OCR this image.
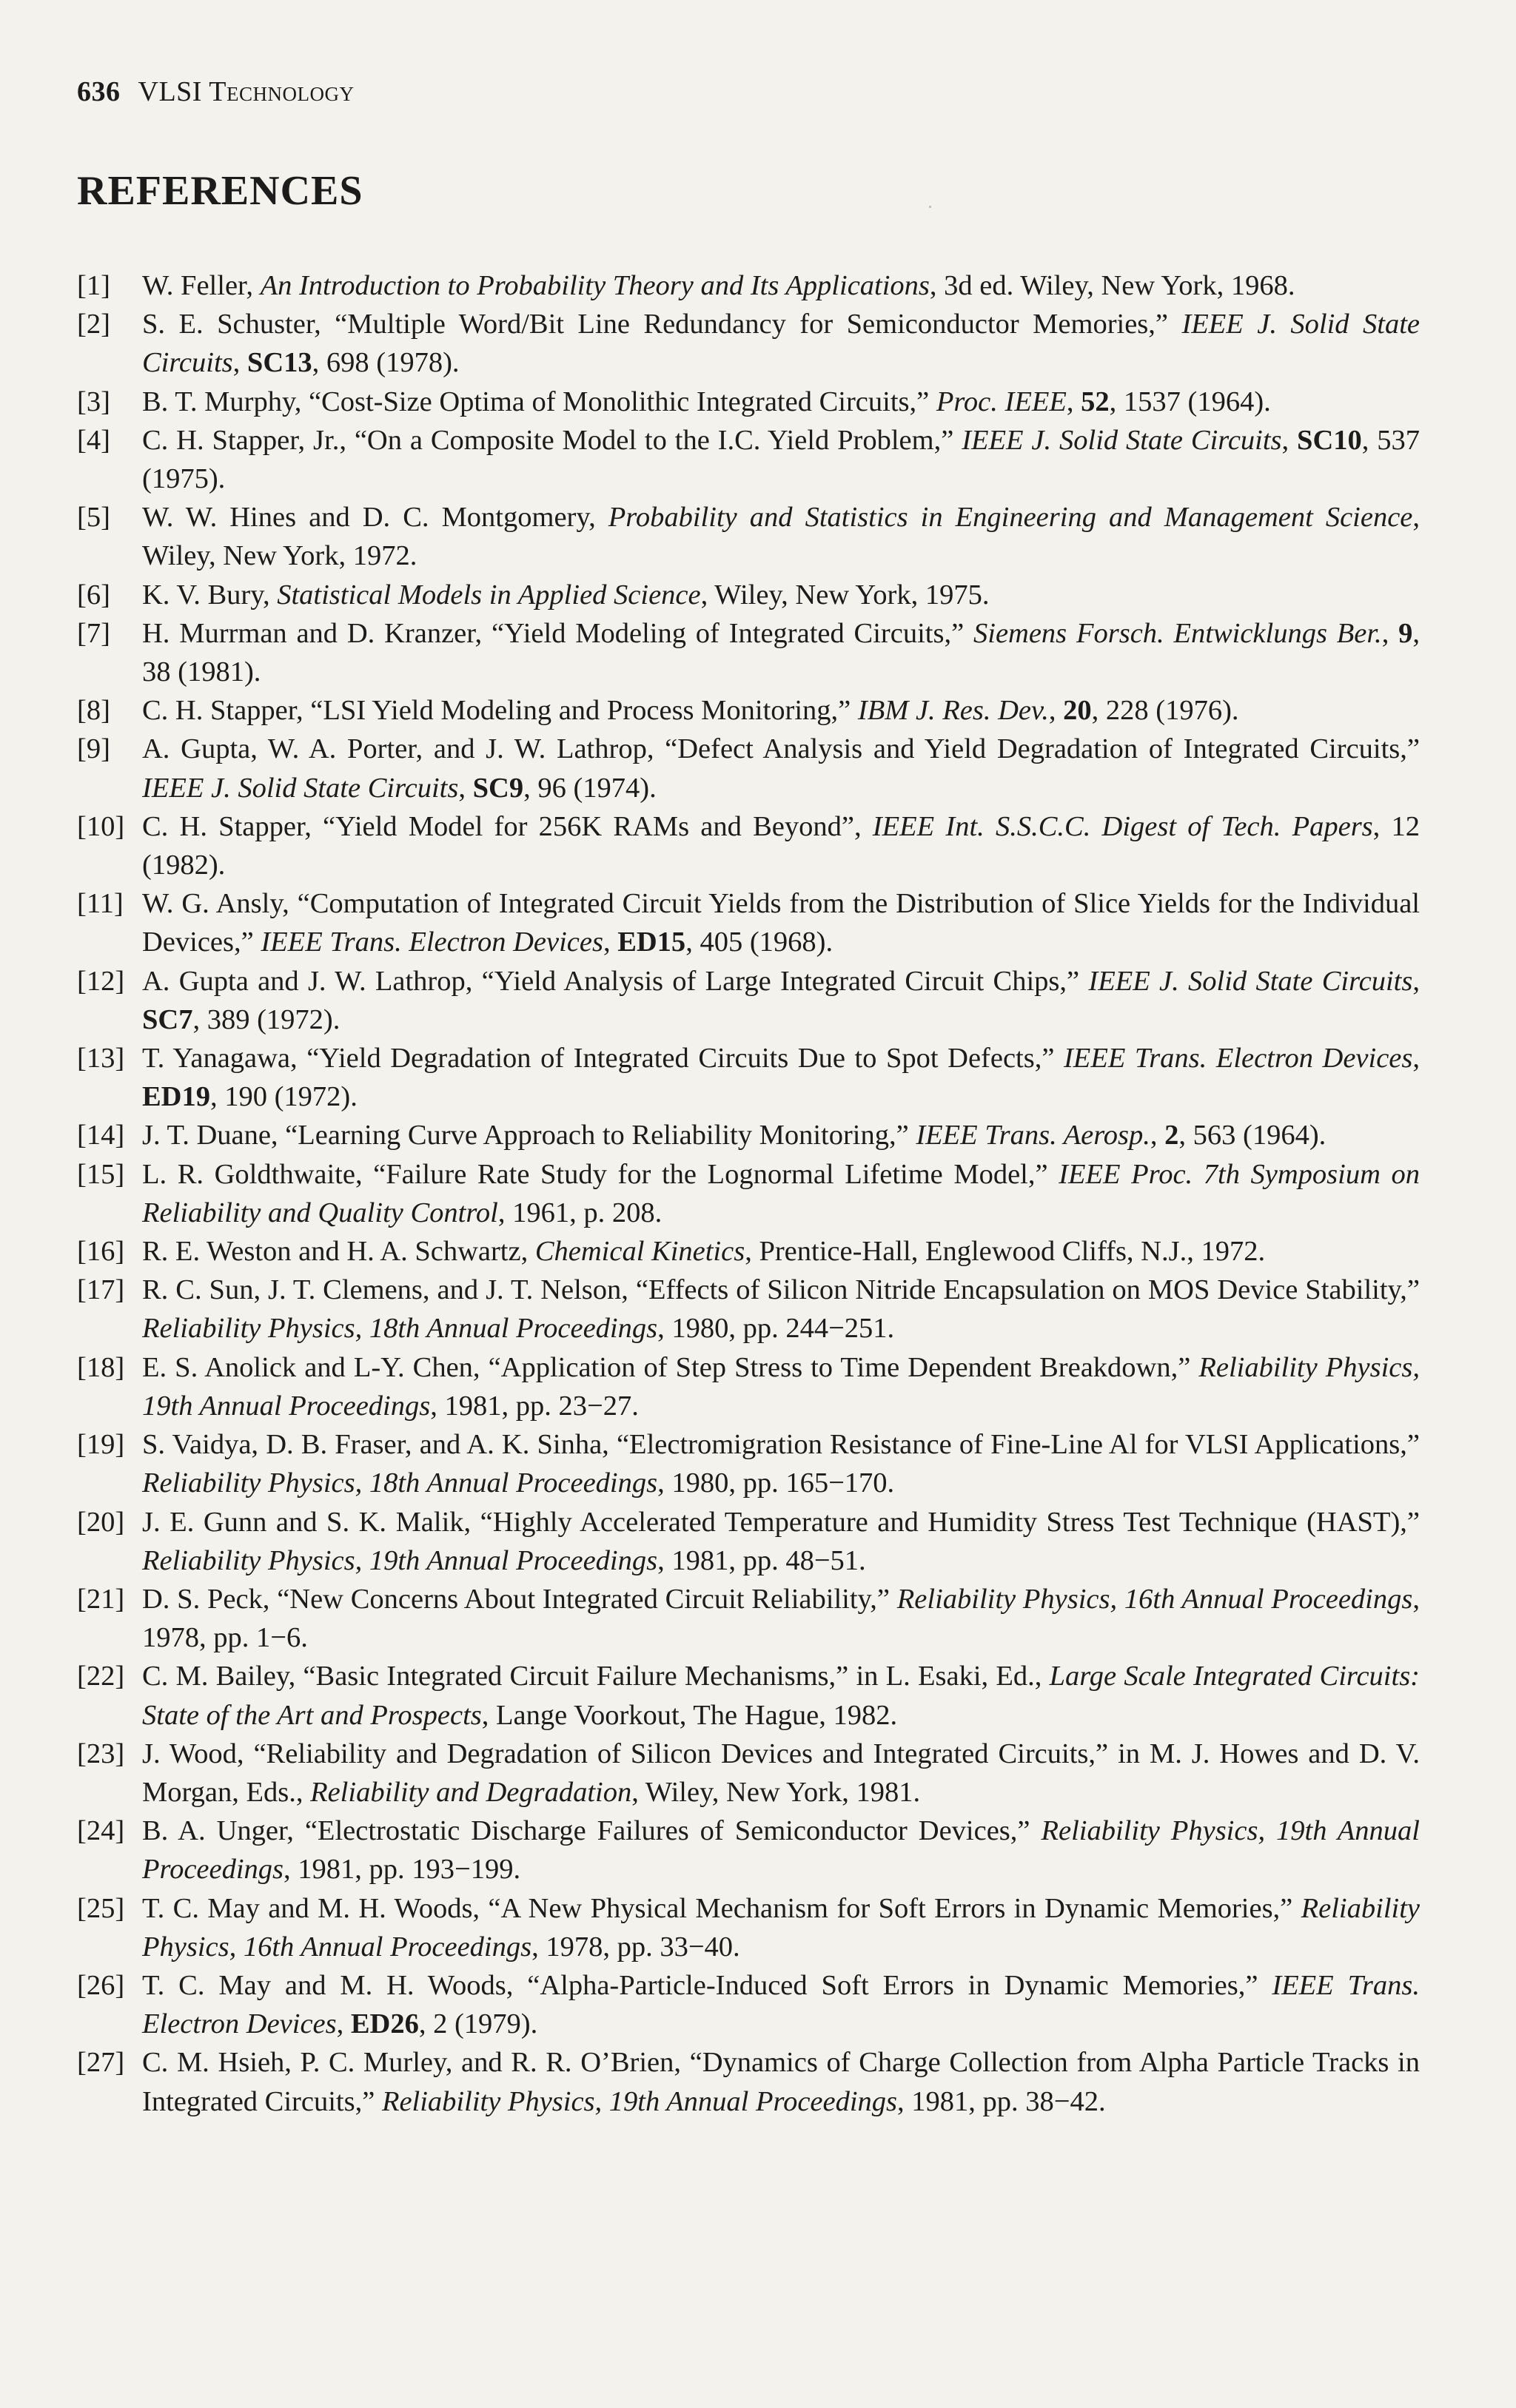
636 VLSI Technology
REFERENCES
[1]	W. Feller, An Introduction to Probability Theory and Its Applications, 3d ed. Wiley, New York, 1968.
[2]	S. E. Schuster, “Multiple Word/Bit Line Redundancy for Semiconductor Memories,” IEEE J. Solid State Circuits, SC13, 698 (1978).
[3]	B. T. Murphy, “Cost-Size Optima of Monolithic Integrated Circuits,” Proc. IEEE, 52, 1537 (1964).
[4]	C. H. Stapper, Jr., “On a Composite Model to the I.C. Yield Problem,” IEEE J. Solid State Circuits, SC10, 537 (1975).
[5]	W. W. Hines and D. C. Montgomery, Probability and Statistics in Engineering and Management Science, Wiley, New York, 1972.
[6]	K. V. Bury, Statistical Models in Applied Science, Wiley, New York, 1975.
[7]	H. Murrman and D. Kranzer, “Yield Modeling of Integrated Circuits,” Siemens Forsch. Entwicklungs Ber., 9, 38 (1981).
[8]	C. H. Stapper, “LSI Yield Modeling and Process Monitoring,” IBM J. Res. Dev., 20, 228 (1976).
[9]	A. Gupta, W. A. Porter, and J. W. Lathrop, “Defect Analysis and Yield Degradation of Integrated Circuits,” IEEE J. Solid State Circuits, SC9, 96 (1974).
[10] C. H. Stapper, “Yield Model for 256K RAMs and Beyond”, IEEE Int. S.S.C.C. Digest of Tech. Papers, 12 (1982).
[11] W. G. Ansly, “Computation of Integrated Circuit Yields from the Distribution of Slice Yields for the Individual Devices,” IEEE Trans. Electron Devices, ED15, 405 (1968).
[12] A. Gupta and J. W. Lathrop, “Yield Analysis of Large Integrated Circuit Chips,” IEEE J. Solid State Circuits, SC7, 389 (1972).
[13] T. Yanagawa, “Yield Degradation of Integrated Circuits Due to Spot Defects,” IEEE Trans. Electron Devices, ED19, 190 (1972).
[14] J. T. Duane, “Learning Curve Approach to Reliability Monitoring,” IEEE Trans. Aerosp., 2, 563 (1964).
[15] L. R. Goldthwaite, “Failure Rate Study for the Lognormal Lifetime Model,” IEEE Proc. 7th Symposium on Reliability and Quality Control, 1961, p. 208.
[16] R. E. Weston and H. A. Schwartz, Chemical Kinetics, Prentice-Hall, Englewood Cliffs, N.J., 1972.
[17] R. C. Sun, J. T. Clemens, and J. T. Nelson, “Effects of Silicon Nitride Encapsulation on MOS Device Stability,” Reliability Physics, 18th Annual Proceedings, 1980, pp. 244−251.
[18] E. S. Anolick and L-Y. Chen, “Application of Step Stress to Time Dependent Breakdown,” Reliability Physics, 19th Annual Proceedings, 1981, pp. 23−27.
[19] S. Vaidya, D. B. Fraser, and A. K. Sinha, “Electromigration Resistance of Fine-Line Al for VLSI Applications,” Reliability Physics, 18th Annual Proceedings, 1980, pp. 165−170.
[20] J. E. Gunn and S. K. Malik, “Highly Accelerated Temperature and Humidity Stress Test Technique (HAST),” Reliability Physics, 19th Annual Proceedings, 1981, pp. 48−51.
[21] D. S. Peck, “New Concerns About Integrated Circuit Reliability,” Reliability Physics, 16th Annual Proceedings, 1978, pp. 1−6.
[22] C. M. Bailey, “Basic Integrated Circuit Failure Mechanisms,” in L. Esaki, Ed., Large Scale Integrated Circuits: State of the Art and Prospects, Lange Voorkout, The Hague, 1982.
[23] J. Wood, “Reliability and Degradation of Silicon Devices and Integrated Circuits,” in M. J. Howes and D. V. Morgan, Eds., Reliability and Degradation, Wiley, New York, 1981.
[24] B. A. Unger, “Electrostatic Discharge Failures of Semiconductor Devices,” Reliability Physics, 19th Annual Proceedings, 1981, pp. 193−199.
[25] T. C. May and M. H. Woods, “A New Physical Mechanism for Soft Errors in Dynamic Memories,” Reliability Physics, 16th Annual Proceedings, 1978, pp. 33−40.
[26] T. C. May and M. H. Woods, “Alpha-Particle-Induced Soft Errors in Dynamic Memories,” IEEE Trans. Electron Devices, ED26, 2 (1979).
[27] C. M. Hsieh, P. C. Murley, and R. R. O’Brien, “Dynamics of Charge Collection from Alpha Particle Tracks in Integrated Circuits,” Reliability Physics, 19th Annual Proceedings, 1981, pp. 38−42.
